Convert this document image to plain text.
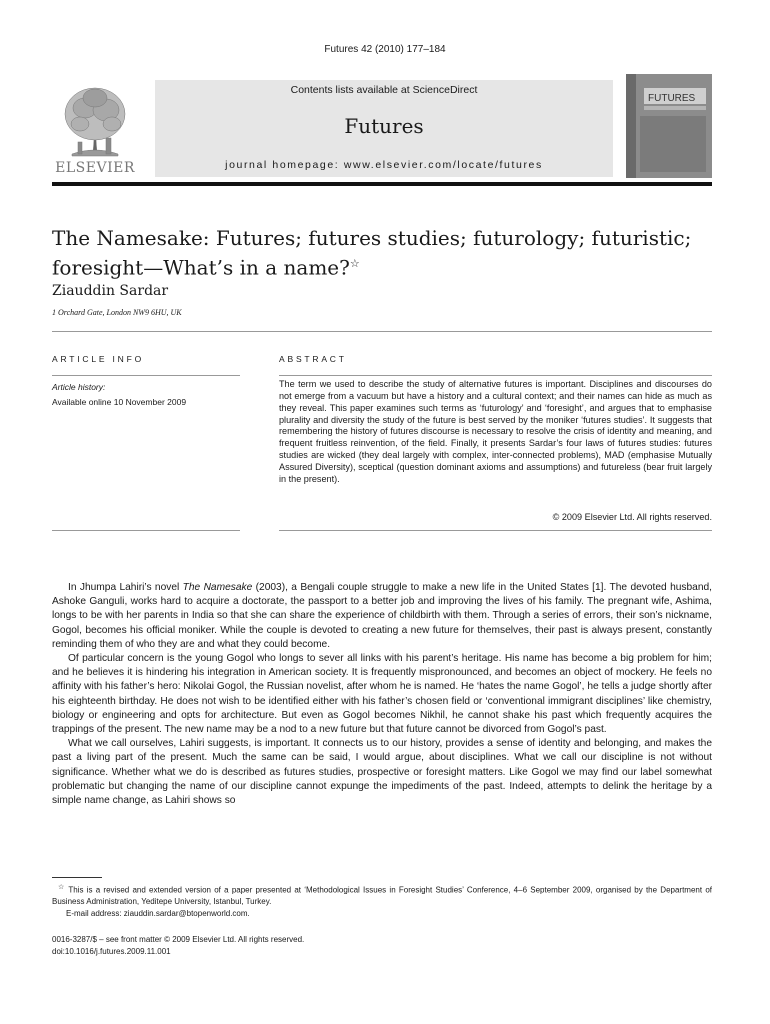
Futures 42 (2010) 177–184
ELSEVIER
Contents lists available at ScienceDirect
Futures
journal homepage: www.elsevier.com/locate/futures
FUTURES
The Namesake: Futures; futures studies; futurology; futuristic; foresight—What’s in a name?☆
Ziauddin Sardar
1 Orchard Gate, London NW9 6HU, UK
ARTICLE INFO	ABSTRACT
Article history:
Available online 10 November 2009
The term we used to describe the study of alternative futures is important. Disciplines and discourses do not emerge from a vacuum but have a history and a cultural context; and their names can hide as much as they reveal. This paper examines such terms as ‘futurology’ and ‘foresight’, and argues that to emphasise plurality and diversity the study of the future is best served by the moniker ‘futures studies’. It suggests that remembering the history of futures discourse is necessary to resolve the crisis of identity and meaning, and frequent fruitless reinvention, of the field. Finally, it presents Sardar’s four laws of futures studies: futures studies are wicked (they deal largely with complex, inter-connected problems), MAD (emphasise Mutually Assured Diversity), sceptical (question dominant axioms and assumptions) and futureless (bear fruit largely in the present).
© 2009 Elsevier Ltd. All rights reserved.

In Jhumpa Lahiri’s novel The Namesake (2003), a Bengali couple struggle to make a new life in the United States [1]. The devoted husband, Ashoke Ganguli, works hard to acquire a doctorate, the passport to a better job and improving the lives of his family. The pregnant wife, Ashima, longs to be with her parents in India so that she can share the experience of childbirth with them. Through a series of errors, their son’s nickname, Gogol, becomes his official moniker. While the couple is devoted to creating a new future for themselves, their past is always present, constantly reminding them of who they are and what they could become.

Of particular concern is the young Gogol who longs to sever all links with his parent’s heritage. His name has become a big problem for him; and he believes it is hindering his integration in American society. It is frequently mispronounced, and becomes an object of mockery. He feels no affinity with his father’s hero: Nikolai Gogol, the Russian novelist, after whom he is named. He ‘hates the name Gogol’, he tells a judge shortly after his eighteenth birthday. He does not wish to be identified either with his father’s chosen field or ‘conventional immigrant disciplines’ like chemistry, biology or engineering and opts for architecture. But even as Gogol becomes Nikhil, he cannot shake his past which frequently acquires the trappings of the present. The new name may be a nod to a new future but that future cannot be divorced from Gogol’s past.

What we call ourselves, Lahiri suggests, is important. It connects us to our history, provides a sense of identity and belonging, and makes the past a living part of the present. Much the same can be said, I would argue, about disciplines. What we call our discipline is not without significance. Whether what we do is described as futures studies, prospective or foresight matters. Like Gogol we may find our label somewhat problematic but changing the name of our discipline cannot expunge the impediments of the past. Indeed, attempts to delink the heritage by a simple name change, as Lahiri shows so

☆ This is a revised and extended version of a paper presented at ‘Methodological Issues in Foresight Studies’ Conference, 4–6 September 2009, organised by the Department of Business Administration, Yeditepe University, Istanbul, Turkey.
E-mail address: ziauddin.sardar@btopenworld.com.
0016-3287/$ – see front matter © 2009 Elsevier Ltd. All rights reserved.
doi:10.1016/j.futures.2009.11.001
